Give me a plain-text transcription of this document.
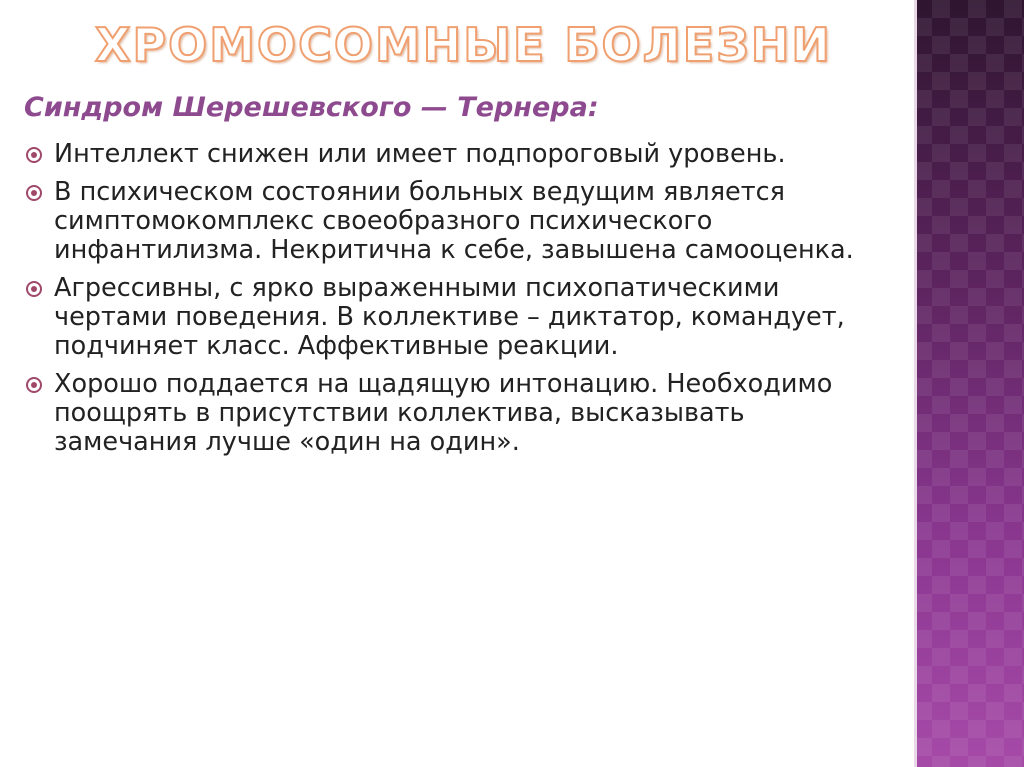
ХРОМОСОМНЫЕ БОЛЕЗНИ
Синдром Шерешевского — Тернера:
Интеллект снижен или имеет подпороговый уровень.
В психическом состоянии больных ведущим является симптомокомплекс своеобразного психического инфантилизма. Некритична к себе, завышена самооценка.
Агрессивны, с ярко выраженными психопатическими чертами поведения. В коллективе – диктатор, командует, подчиняет класс. Аффективные реакции.
Хорошо поддается на щадящую интонацию. Необходимо поощрять в присутствии коллектива, высказывать замечания лучше «один на один».
